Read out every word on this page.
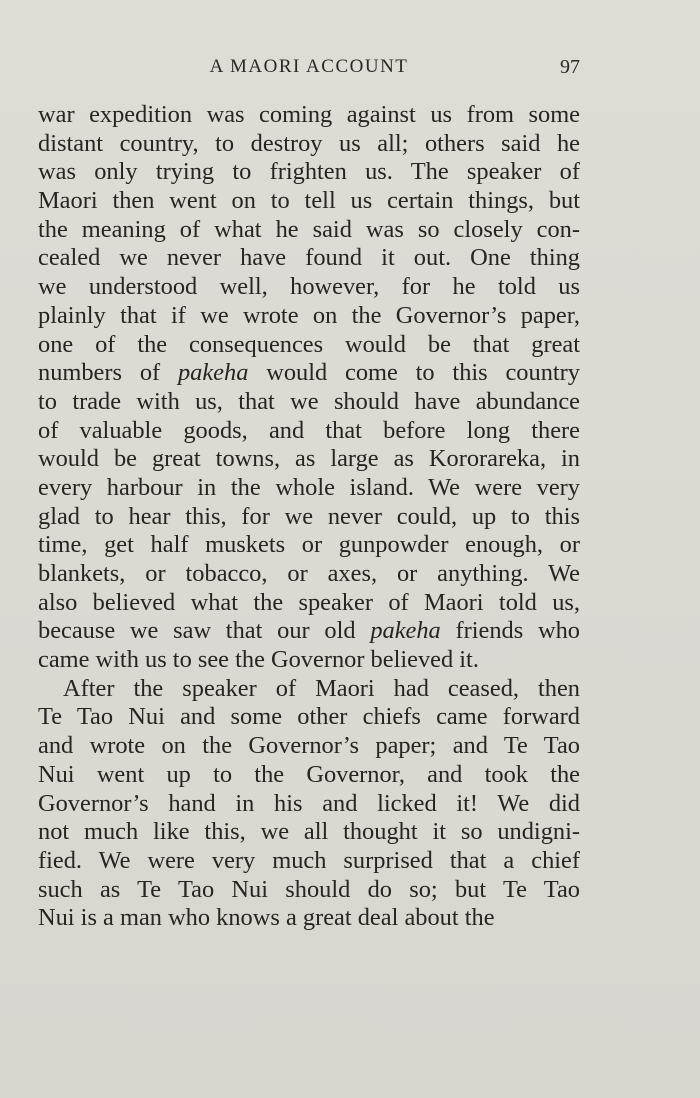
A MAORI ACCOUNT	97
war expedition was coming against us from some
distant country, to destroy us all; others said he
was only trying to frighten us. The speaker of
Maori then went on to tell us certain things, but
the meaning of what he said was so closely con-
cealed we never have found it out. One thing
we understood well, however, for he told us
plainly that if we wrote on the Governor’s paper,
one of the consequences would be that great
numbers of pakeha would come to this country
to trade with us, that we should have abundance
of valuable goods, and that before long there
would be great towns, as large as Kororareka, in
every harbour in the whole island. We were very
glad to hear this, for we never could, up to this
time, get half muskets or gunpowder enough, or
blankets, or tobacco, or axes, or anything. We
also believed what the speaker of Maori told us,
because we saw that our old pakeha friends who
came with us to see the Governor believed it.
After the speaker of Maori had ceased, then
Te Tao Nui and some other chiefs came forward
and wrote on the Governor’s paper; and Te Tao
Nui went up to the Governor, and took the
Governor’s hand in his and licked it! We did
not much like this, we all thought it so undigni-
fied. We were very much surprised that a chief
such as Te Tao Nui should do so; but Te Tao
Nui is a man who knows a great deal about the
